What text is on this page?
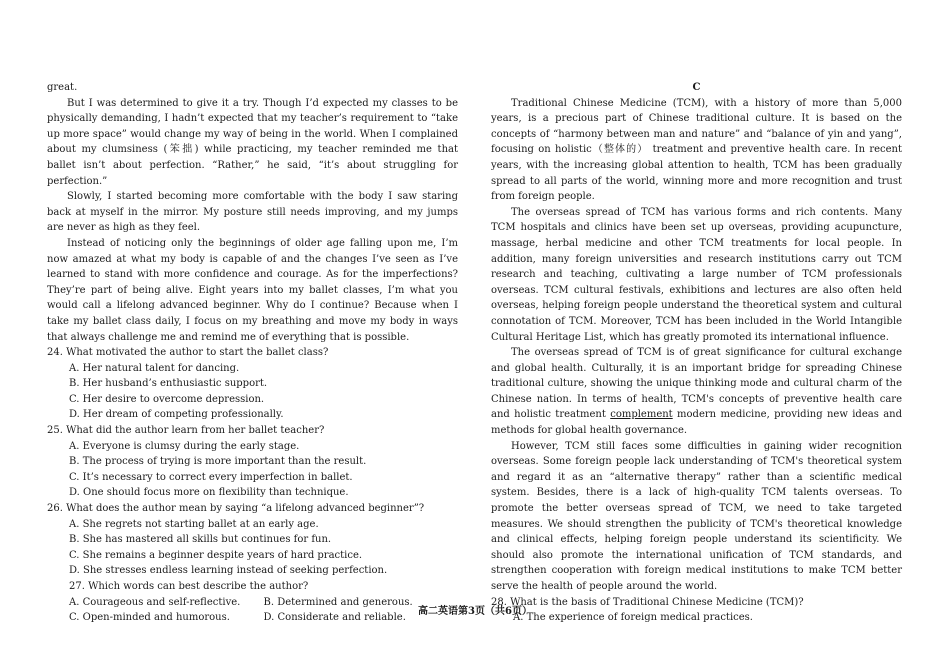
great.

But I was determined to give it a try. Though I’d expected my classes to be physically demanding, I hadn’t expected that my teacher’s requirement to “take up more space” would change my way of being in the world. When I complained about my clumsiness (笨拙) while practicing, my teacher reminded me that ballet isn’t about perfection. “Rather,” he said, “it’s about struggling for perfection.”

Slowly, I started becoming more comfortable with the body I saw staring back at myself in the mirror. My posture still needs improving, and my jumps are never as high as they feel.

Instead of noticing only the beginnings of older age falling upon me, I’m now amazed at what my body is capable of and the changes I’ve seen as I’ve learned to stand with more confidence and courage. As for the imperfections? They’re part of being alive. Eight years into my ballet classes, I’m what you would call a lifelong advanced beginner. Why do I continue? Because when I take my ballet class daily, I focus on my breathing and move my body in ways that always challenge me and remind me of everything that is possible.

24. What motivated the author to start the ballet class?

A. Her natural talent for dancing.

B. Her husband’s enthusiastic support.

C. Her desire to overcome depression.

D. Her dream of competing professionally.

25. What did the author learn from her ballet teacher?

A. Everyone is clumsy during the early stage.

B. The process of trying is more important than the result.

C. It’s necessary to correct every imperfection in ballet.

D. One should focus more on flexibility than technique.

26. What does the author mean by saying “a lifelong advanced beginner”?

A. She regrets not starting ballet at an early age.

B. She has mastered all skills but continues for fun.

C. She remains a beginner despite years of hard practice.

D. She stresses endless learning instead of seeking perfection.

27. Which words can best describe the author?

A. Courageous and self-reflective.	B. Determined and generous.
C. Open-minded and humorous.	D. Considerate and reliable.

C

Traditional Chinese Medicine (TCM), with a history of more than 5,000 years, is a precious part of Chinese traditional culture. It is based on the concepts of “harmony between man and nature” and “balance of yin and yang”, focusing on holistic（整体的） treatment and preventive health care. In recent years, with the increasing global attention to health, TCM has been gradually spread to all parts of the world, winning more and more recognition and trust from foreign people.

The overseas spread of TCM has various forms and rich contents. Many TCM hospitals and clinics have been set up overseas, providing acupuncture, massage, herbal medicine and other TCM treatments for local people. In addition, many foreign universities and research institutions carry out TCM research and teaching, cultivating a large number of TCM professionals overseas. TCM cultural festivals, exhibitions and lectures are also often held overseas, helping foreign people understand the theoretical system and cultural connotation of TCM. Moreover, TCM has been included in the World Intangible Cultural Heritage List, which has greatly promoted its international influence.

The overseas spread of TCM is of great significance for cultural exchange and global health. Culturally, it is an important bridge for spreading Chinese traditional culture, showing the unique thinking mode and cultural charm of the Chinese nation. In terms of health, TCM's concepts of preventive health care and holistic treatment complement modern medicine, providing new ideas and methods for global health governance.

However, TCM still faces some difficulties in gaining wider recognition overseas. Some foreign people lack understanding of TCM's theoretical system and regard it as an “alternative therapy” rather than a scientific medical system. Besides, there is a lack of high-quality TCM talents overseas. To promote the better overseas spread of TCM, we need to take targeted measures. We should strengthen the publicity of TCM's theoretical knowledge and clinical effects, helping foreign people understand its scientificity. We should also promote the international unification of TCM standards, and strengthen cooperation with foreign medical institutions to make TCM better serve the health of people around the world.

28. What is the basis of Traditional Chinese Medicine (TCM)?

A. The experience of foreign medical practices.

高二英语第3页（共6页）
